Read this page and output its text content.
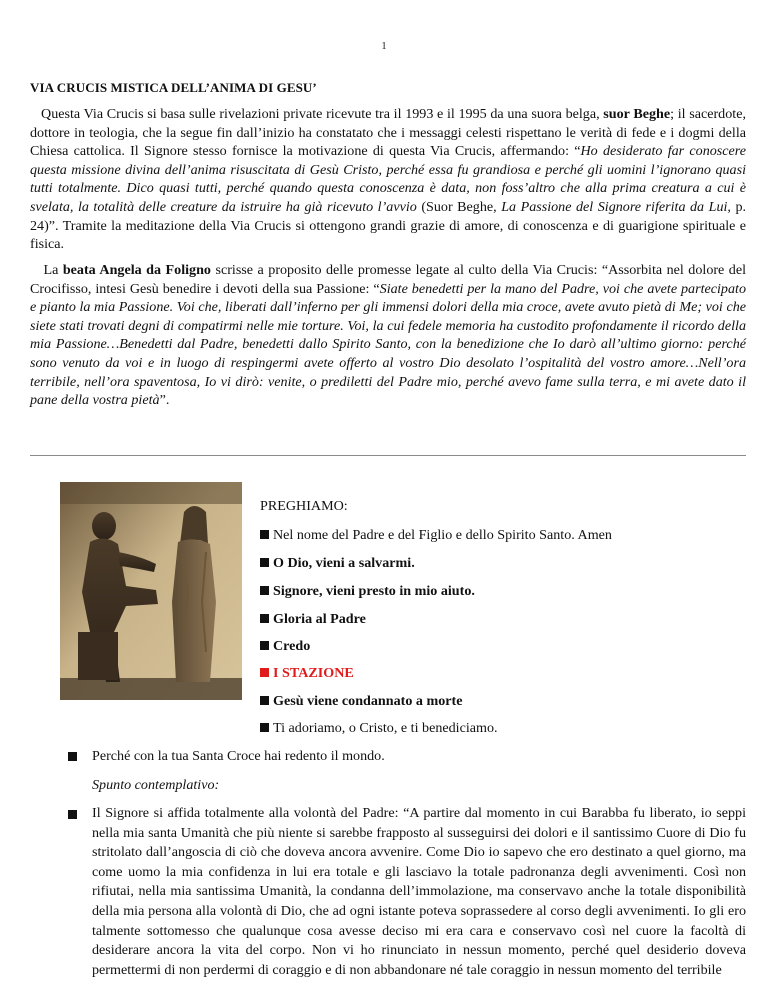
1
VIA CRUCIS MISTICA DELL’ANIMA DI GESU’

Questa Via Crucis si basa sulle rivelazioni private ricevute tra il 1993 e il 1995 da una suora belga, suor Beghe; il sacerdote, dottore in teologia, che la segue fin dall’inizio ha constatato che i messaggi celesti rispettano le verità di fede e i dogmi della Chiesa cattolica. Il Signore stesso fornisce la motivazione di questa Via Crucis, affermando: “Ho desiderato far conoscere questa missione divina dell’anima risuscitata di Gesù Cristo, perché essa fu grandiosa e perché gli uomini l’ignorano quasi tutti totalmente. Dico quasi tutti, perché quando questa conoscenza è data, non foss’altro che alla prima creatura a cui è svelata, la totalità delle creature da istruire ha già ricevuto l’avvio (Suor Beghe, La Passione del Signore riferita da Lui, p. 24)”. Tramite la meditazione della Via Crucis si ottengono grandi grazie di amore, di conoscenza e di guarigione spirituale e fisica.

La beata Angela da Foligno scrisse a proposito delle promesse legate al culto della Via Crucis: “Assorbita nel dolore del Crocifisso, intesi Gesù benedire i devoti della sua Passione: “Siate benedetti per la mano del Padre, voi che avete partecipato e pianto la mia Passione. Voi che, liberati dall’inferno per gli immensi dolori della mia croce, avete avuto pietà di Me; voi che siete stati trovati degni di compatirmi nelle mie torture. Voi, la cui fedele memoria ha custodito profondamente il ricordo della mia Passione…Benedetti dal Padre, benedetti dallo Spirito Santo, con la benedizione che Io darò all’ultimo giorno: perché sono venuto da voi e in luogo di respingermi avete offerto al vostro Dio desolato l’ospitalità del vostro amore…Nell’ora terribile, nell’ora spaventosa, Io vi dirò: venite, o prediletti del Padre mio, perché avevo fame sulla terra, e mi avete dato il pane della vostra pietà”.

PREGHIAMO:
Nel nome del Padre e del Figlio e dello Spirito Santo. Amen
O Dio, vieni a salvarmi.
Signore, vieni presto in mio aiuto.
Gloria al Padre
Credo
I STAZIONE
Gesù viene condannato a morte
Ti adoriamo, o Cristo, e ti benediciamo.

Perché con la tua Santa Croce hai redento il mondo.

Spunto contemplativo:

Il Signore si affida totalmente alla volontà del Padre: “A partire dal momento in cui Barabba fu liberato, io seppi nella mia santa Umanità che più niente si sarebbe frapposto al susseguirsi dei dolori e il santissimo Cuore di Dio fu stritolato dall’angoscia di ciò che doveva ancora avvenire. Come Dio io sapevo che ero destinato a quel giorno, ma come uomo la mia confidenza in lui era totale e gli lasciavo la totale padronanza degli avvenimenti. Così non rifiutai, nella mia santissima Umanità, la condanna dell’immolazione, ma conservavo anche la totale disponibilità della mia persona alla volontà di Dio, che ad ogni istante poteva soprassedere al corso degli avvenimenti. Io gli ero talmente sottomesso che qualunque cosa avesse deciso mi era cara e conservavo così nel cuore la facoltà di desiderare ancora la vita del corpo. Non vi ho rinunciato in nessun momento, perché quel desiderio doveva permettermi di non perdermi di coraggio e di non abbandonare né tale coraggio in nessun momento del terribile
